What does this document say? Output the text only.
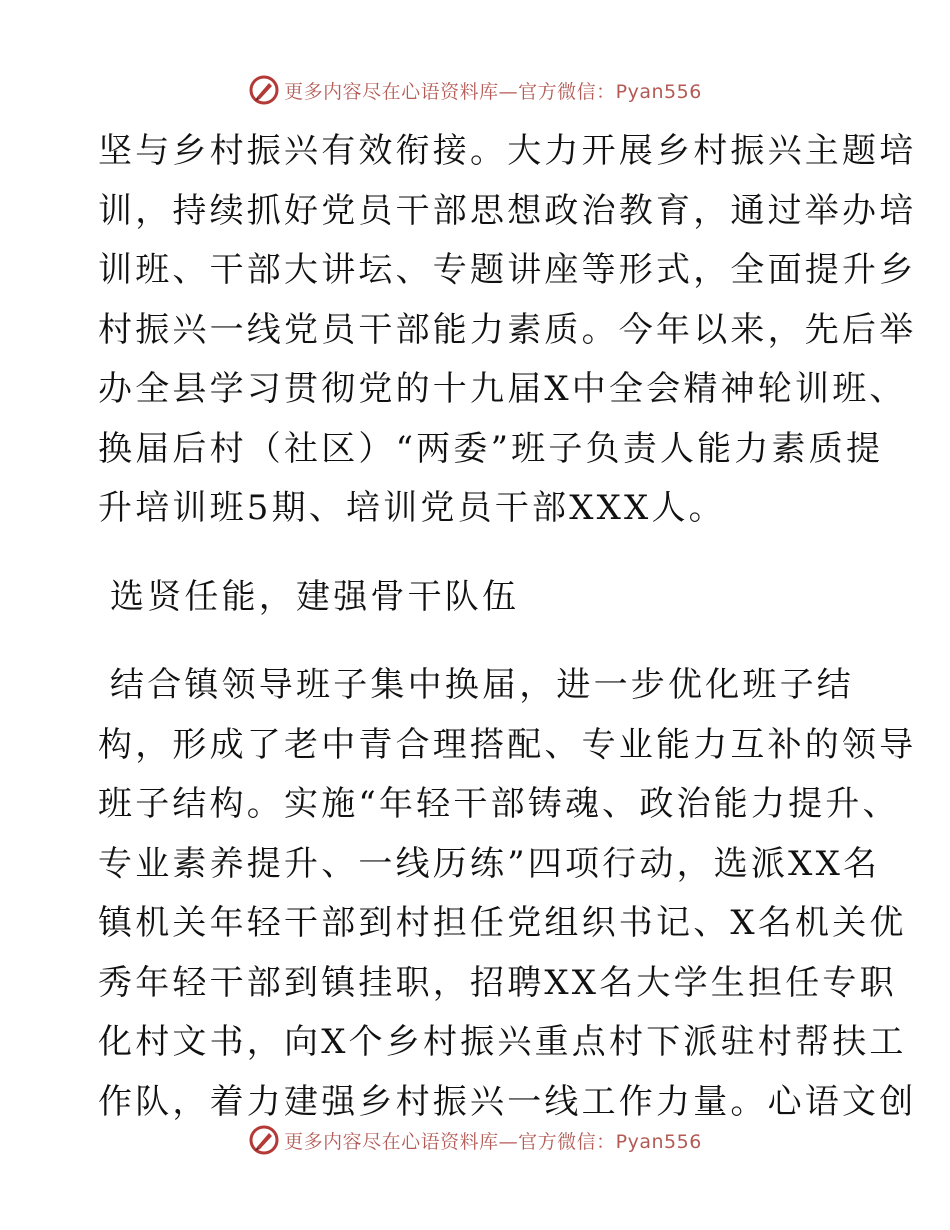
更多内容尽在心语资料库—官方微信：Pyan556
坚与乡村振兴有效衔接。大力开展乡村振兴主题培
训，持续抓好党员干部思想政治教育，通过举办培
训班、干部大讲坛、专题讲座等形式，全面提升乡
村振兴一线党员干部能力素质。今年以来，先后举
办全县学习贯彻党的十九届X中全会精神轮训班、
换届后村（社区）“两委”班子负责人能力素质提
升培训班5期、培训党员干部XXX人。
选贤任能，建强骨干队伍
结合镇领导班子集中换届，进一步优化班子结
构，形成了老中青合理搭配、专业能力互补的领导
班子结构。实施“年轻干部铸魂、政治能力提升、
专业素养提升、一线历练”四项行动，选派XX名
镇机关年轻干部到村担任党组织书记、X名机关优
秀年轻干部到镇挂职，招聘XX名大学生担任专职
化村文书，向X个乡村振兴重点村下派驻村帮扶工
作队，着力建强乡村振兴一线工作力量。心语文创
更多内容尽在心语资料库—官方微信：Pyan556
